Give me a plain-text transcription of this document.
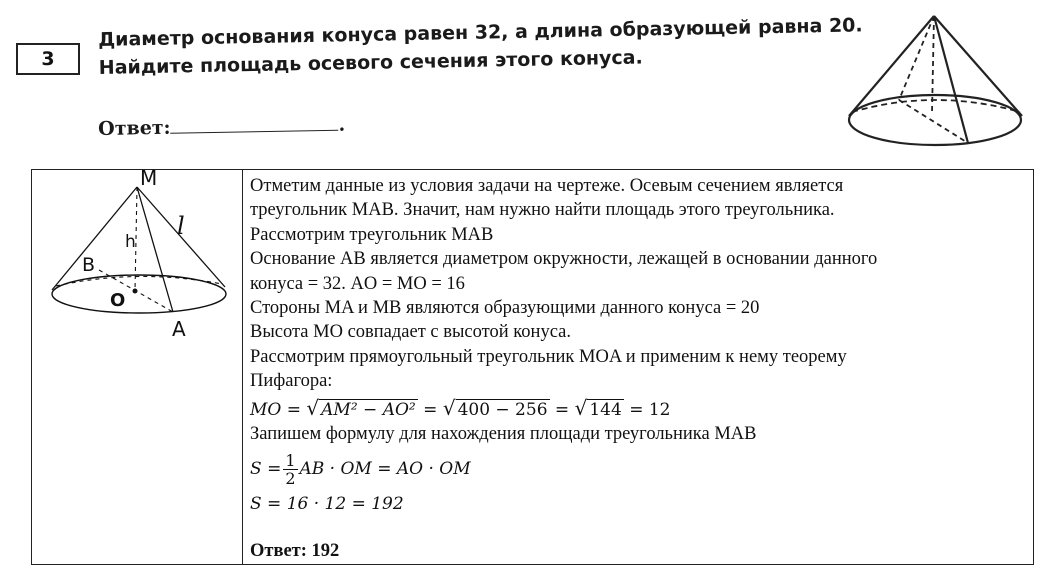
3
Диаметр основания конуса равен 32, а длина образующей равна 20.
Найдите площадь осевого сечения этого конуса.
Ответ:	.
M
l
h
B
O
A
Отметим данные из условия задачи на чертеже. Осевым сечением является
треугольник MAB. Значит, нам нужно найти площадь этого треугольника.
Рассмотрим треугольник MAB
Основание AB является диаметром окружности, лежащей в основании данного
конуса = 32. AO = MO = 16
Стороны MA и MB являются образующими данного конуса = 20
Высота MO совпадает с высотой конуса.
Рассмотрим прямоугольный треугольник MOA и применим к нему теорему
Пифагора:
MO = √ AM² − AO² = √ 400 − 256 = √ 144 = 12
Запишем формулу для нахождения площади треугольника MAB
S
= $\frac{1}{2}$ AB · OM = AO · OM
S = 16 · 12 = 192
Ответ: 192
